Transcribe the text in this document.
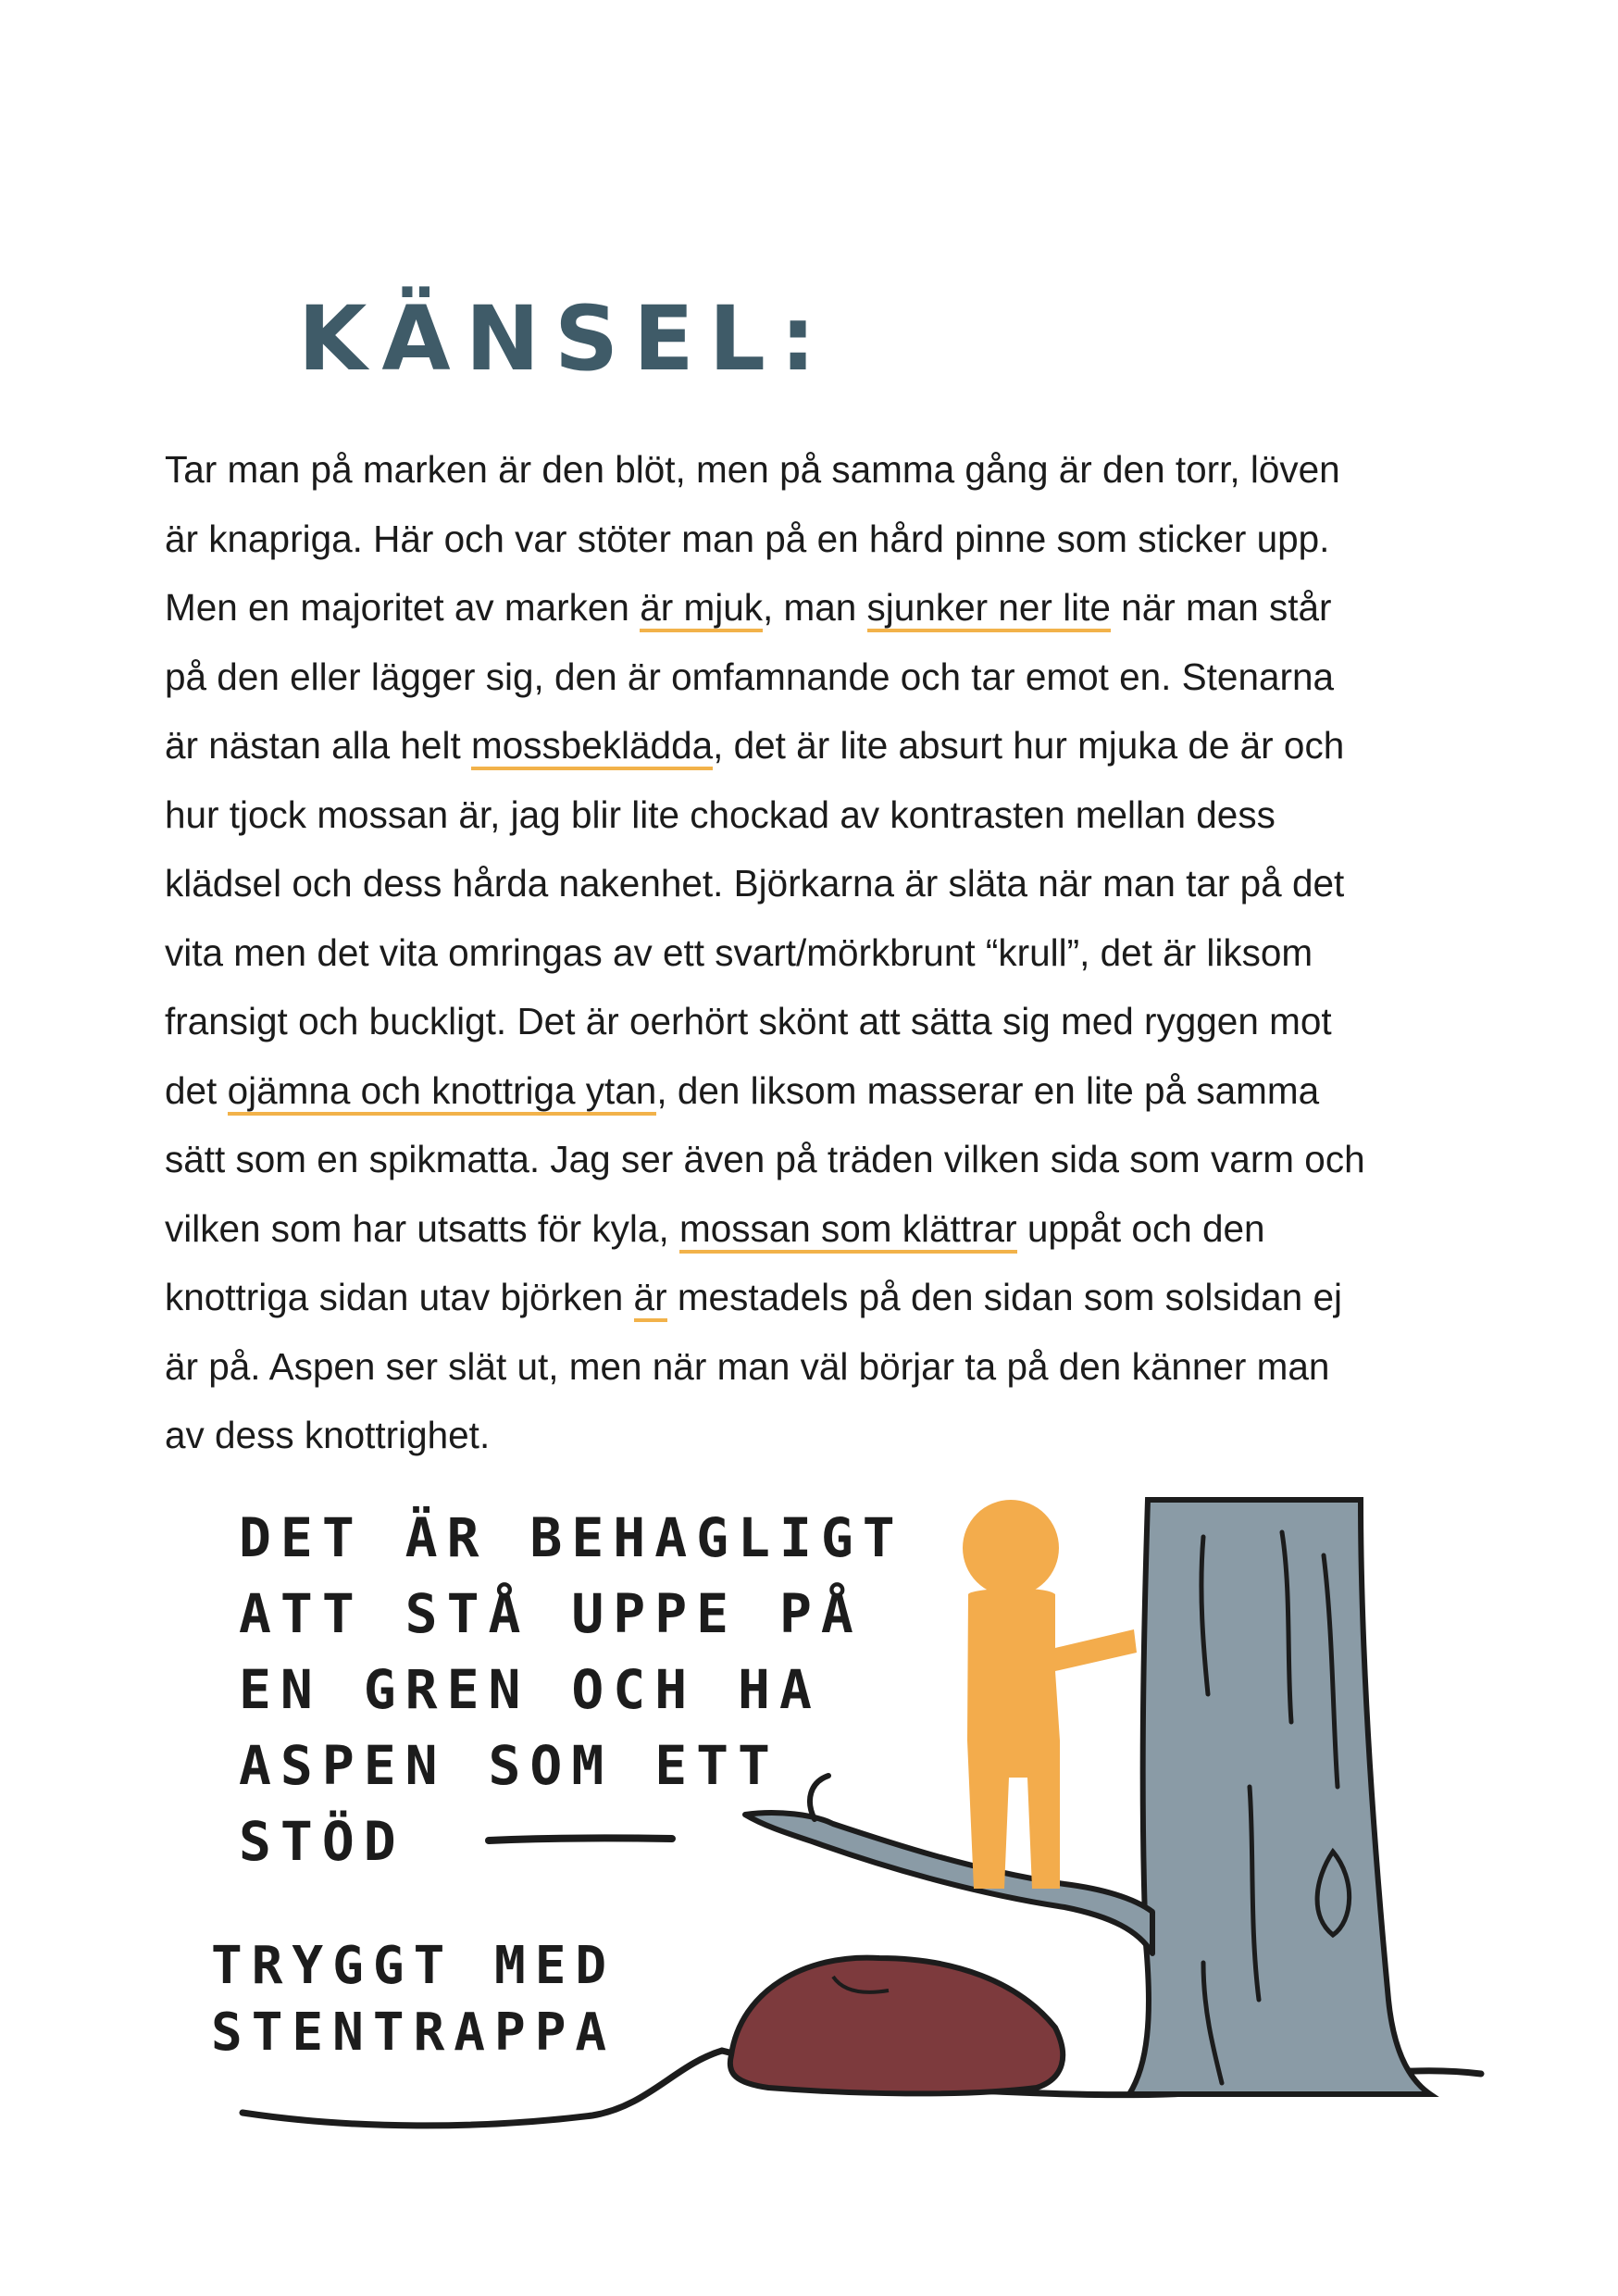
KÄNSEL:
Tar man på marken är den blöt, men på samma gång är den torr, löven
är knapriga. Här och var stöter man på en hård pinne som sticker upp.
Men en majoritet av marken är mjuk, man sjunker ner lite när man står
på den eller lägger sig, den är omfamnande och tar emot en. Stenarna
är nästan alla helt mossbeklädda, det är lite absurt hur mjuka de är och
hur tjock mossan är, jag blir lite chockad av kontrasten mellan dess
klädsel och dess hårda nakenhet. Björkarna är släta när man tar på det
vita men det vita omringas av ett svart/mörkbrunt “krull”, det är liksom
fransigt och buckligt. Det är oerhört skönt att sätta sig med ryggen mot
det ojämna och knottriga ytan, den liksom masserar en lite på samma
sätt som en spikmatta. Jag ser även på träden vilken sida som varm och
vilken som har utsatts för kyla, mossan som klättrar uppåt och den
knottriga sidan utav björken är mestadels på den sidan som solsidan ej
är på. Aspen ser slät ut, men när man väl börjar ta på den känner man
av dess knottrighet.
DET ÄR BEHAGLIGT
ATT STÅ UPPE PÅ
EN GREN OCH HA
ASPEN SOM ETT
STÖD
TRYGGT MED
STENTRAPPA
